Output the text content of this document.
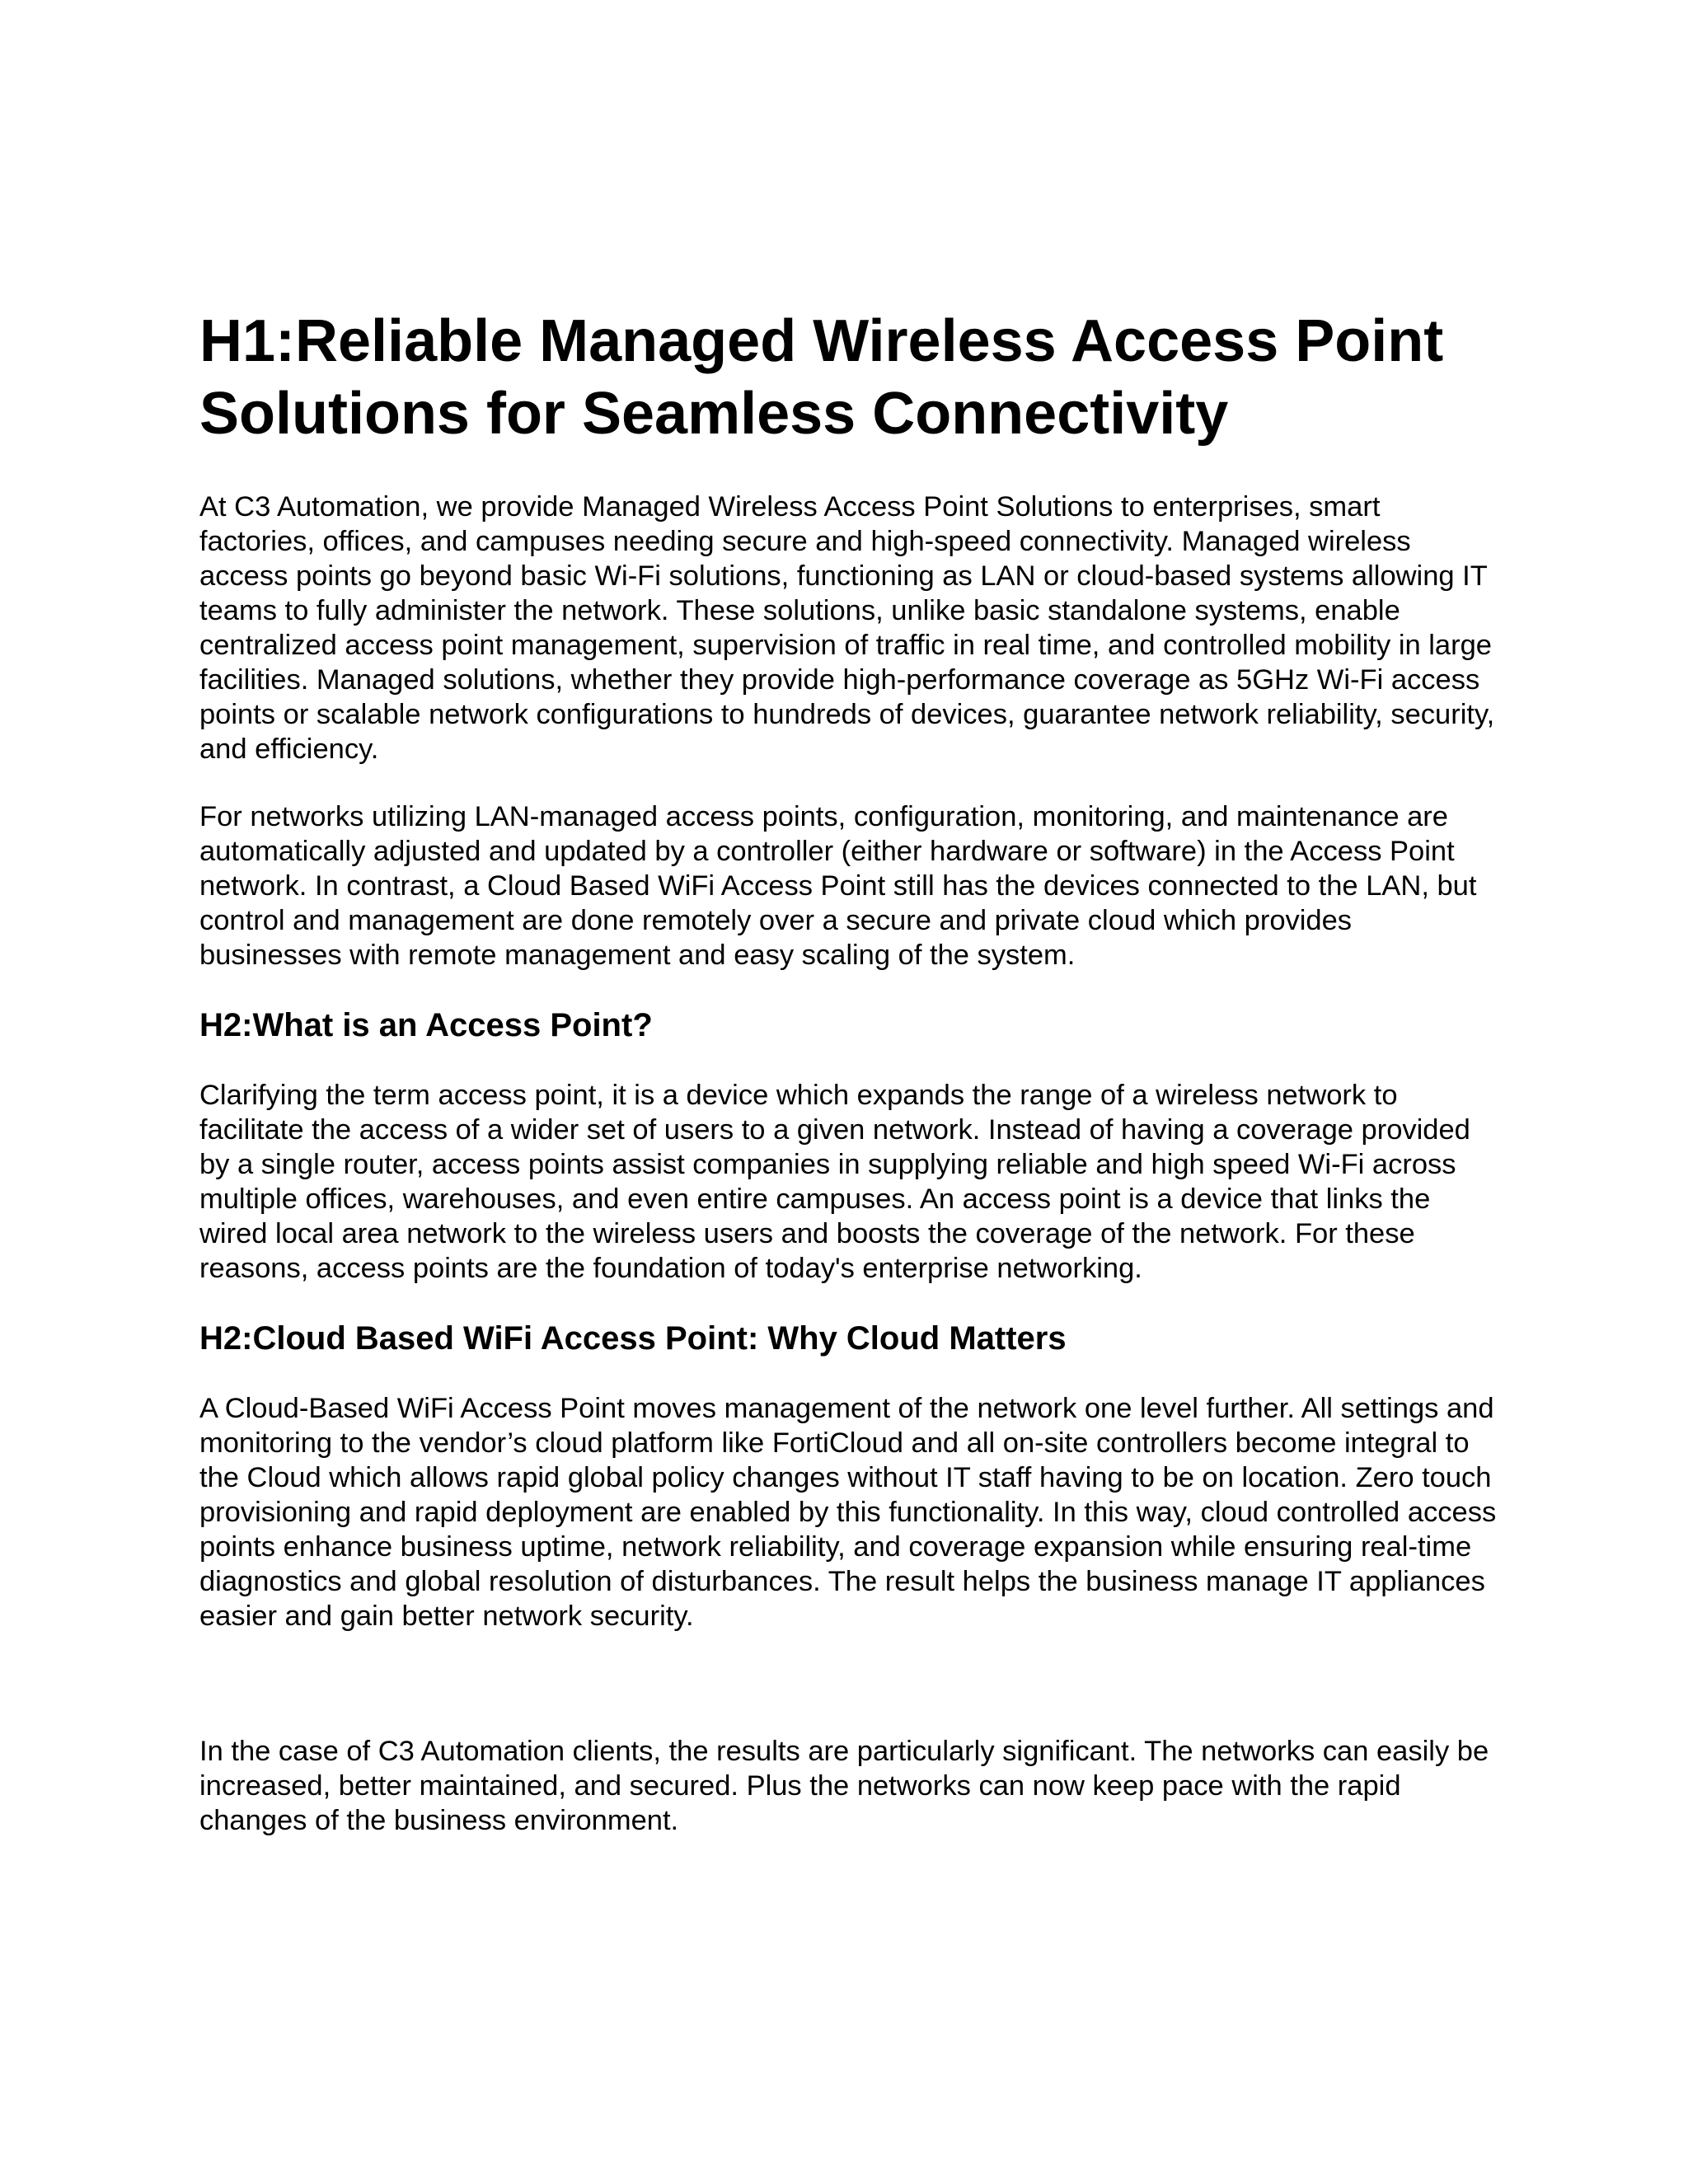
H1:Reliable Managed Wireless Access Point Solutions for Seamless Connectivity

At C3 Automation, we provide Managed Wireless Access Point Solutions to enterprises, smart factories, offices, and campuses needing secure and high-speed connectivity. Managed wireless access points go beyond basic Wi-Fi solutions, functioning as LAN or cloud-based systems allowing IT teams to fully administer the network. These solutions, unlike basic standalone systems, enable centralized access point management, supervision of traffic in real time, and controlled mobility in large facilities. Managed solutions, whether they provide high-performance coverage as 5GHz Wi-Fi access points or scalable network configurations to hundreds of devices, guarantee network reliability, security, and efficiency.

For networks utilizing LAN-managed access points, configuration, monitoring, and maintenance are automatically adjusted and updated by a controller (either hardware or software) in the Access Point network. In contrast, a Cloud Based WiFi Access Point still has the devices connected to the LAN, but control and management are done remotely over a secure and private cloud which provides businesses with remote management and easy scaling of the system.

H2:What is an Access Point?

Clarifying the term access point, it is a device which expands the range of a wireless network to facilitate the access of a wider set of users to a given network. Instead of having a coverage provided by a single router, access points assist companies in supplying reliable and high speed Wi-Fi across multiple offices, warehouses, and even entire campuses. An access point is a device that links the wired local area network to the wireless users and boosts the coverage of the network. For these reasons, access points are the foundation of today's enterprise networking.

H2:Cloud Based WiFi Access Point: Why Cloud Matters

A Cloud-Based WiFi Access Point moves management of the network one level further. All settings and monitoring to the vendor’s cloud platform like FortiCloud and all on-site controllers become integral to the Cloud which allows rapid global policy changes without IT staff having to be on location. Zero touch provisioning and rapid deployment are enabled by this functionality. In this way, cloud controlled access points enhance business uptime, network reliability, and coverage expansion while ensuring real-time diagnostics and global resolution of disturbances. The result helps the business manage IT appliances easier and gain better network security.

In the case of C3 Automation clients, the results are particularly significant. The networks can easily be increased, better maintained, and secured. Plus the networks can now keep pace with the rapid changes of the business environment.
